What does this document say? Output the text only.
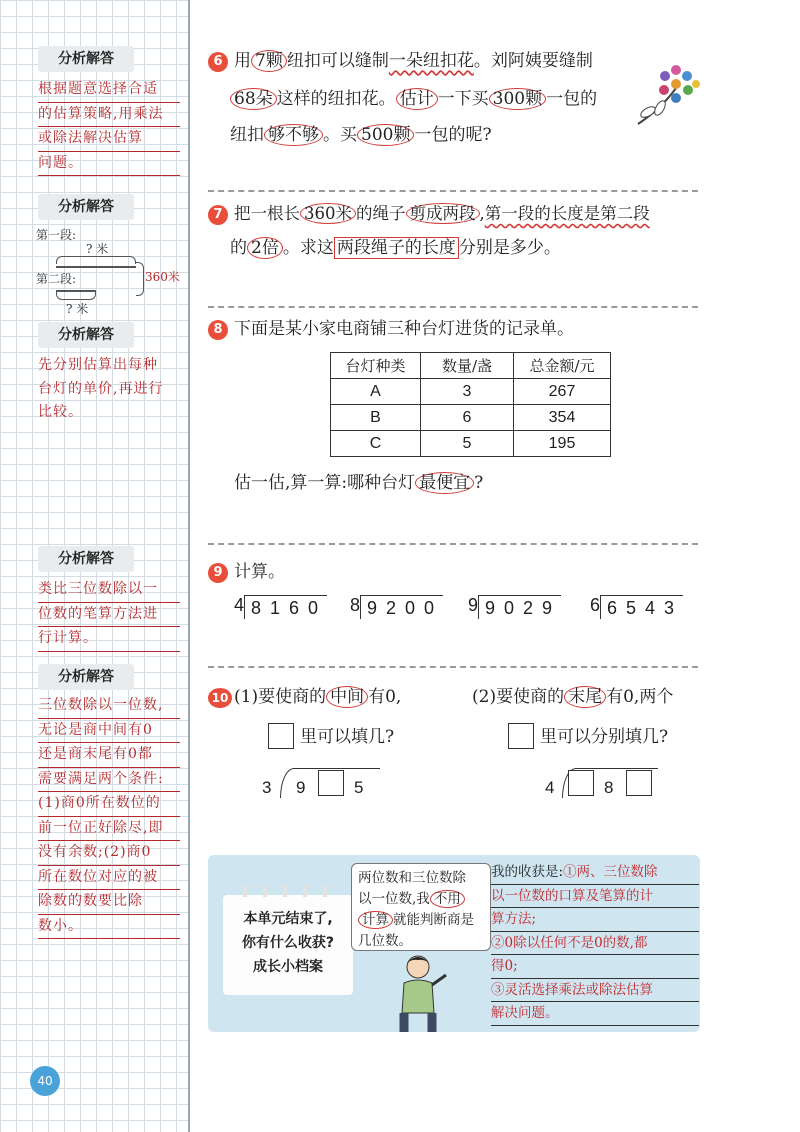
分析解答
根据题意选择合适
的估算策略,用乘法
或除法解决估算
问题。
分析解答
第一段:
? 米
第二段:
? 米
360米
分析解答
先分别估算出每种
台灯的单价,再进行
比较。
分析解答
类比三位数除以一
位数的笔算方法进
行计算。
分析解答
三位数除以一位数,
无论是商中间有0
还是商末尾有0都
需要满足两个条件:
(1)商0所在数位的
前一位正好除尽,即
没有余数;(2)商0
所在数位对应的被
除数的数要比除
数小。
40
6 用 7颗 纽扣可以缝制一朵纽扣花。刘阿姨要缝制
68朵 这样的纽扣花。 估计 一下买 300颗 一包的
纽扣 够不够 。买 500颗 一包的呢?
7 把一根长 360米 的绳子 剪成两段 ,第一段的长度是第二段
的 2倍 。求这 两段绳子的长度 分别是多少。
8 下面是某小家电商铺三种台灯进货的记录单。
台灯种类	数量/盏	总金额/元
A	3	267
B	6	354
C	5	195
估一估,算一算:哪种台灯 最便宜 ?
9 计算。
4 8160 8 9200 9 9029 6 6543
10 (1)要使商的 中间 有0,
里可以填几?
3 9	5
(2)要使商的 末尾 有0,两个
里可以分别填几?
4	8
本单元结束了,
你有什么收获?
成长小档案
两位数和三位数除
以一位数,我 不用
计算 就能判断商是
几位数。
我的收获是:①两、三位数除
以一位数的口算及笔算的计
算方法;
②0除以任何不是0的数,都
得0;
③灵活选择乘法或除法估算
解决问题。
